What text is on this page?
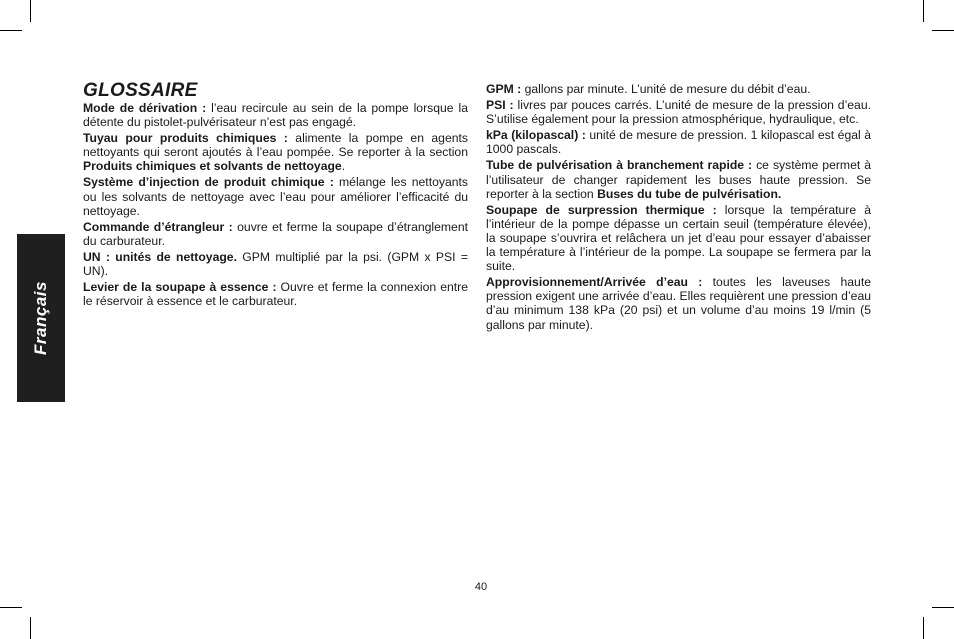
Français
GLOSSAIRE
Mode de dérivation : l’eau recircule au sein de la pompe lorsque la détente du pistolet-pulvérisateur n’est pas engagé.
Tuyau pour produits chimiques : alimente la pompe en agents nettoyants qui seront ajoutés à l’eau pompée. Se reporter à la section Produits chimiques et solvants de nettoyage.
Système d’injection de produit chimique : mélange les nettoyants ou les solvants de nettoyage avec l’eau pour améliorer l’efficacité du nettoyage.
Commande d’étrangleur : ouvre et ferme la soupape d’étranglement du carburateur.
UN : unités de nettoyage. GPM multiplié par la psi. (GPM x PSI = UN).
Levier de la soupape à essence : Ouvre et ferme la connexion entre le réservoir à essence et le carburateur.
GPM : gallons par minute. L’unité de mesure du débit d’eau.
PSI : livres par pouces carrés. L’unité de mesure de la pression d’eau. S’utilise également pour la pression atmosphérique, hydraulique, etc.
kPa (kilopascal) : unité de mesure de pression. 1 kilopascal est égal à 1000 pascals.
Tube de pulvérisation à branchement rapide : ce système permet à l’utilisateur de changer rapidement les buses haute pression. Se reporter à la section Buses du tube de pulvérisation.
Soupape de surpression thermique : lorsque la température à l’intérieur de la pompe dépasse un certain seuil (température élevée), la soupape s’ouvrira et relâchera un jet d’eau pour essayer d’abaisser la température à l’intérieur de la pompe. La soupape se fermera par la suite.
Approvisionnement/Arrivée d’eau : toutes les laveuses haute pression exigent une arrivée d’eau. Elles requièrent une pression d’eau d’au minimum 138 kPa (20 psi) et un volume d’au moins 19 l/min (5 gallons par minute).
40
